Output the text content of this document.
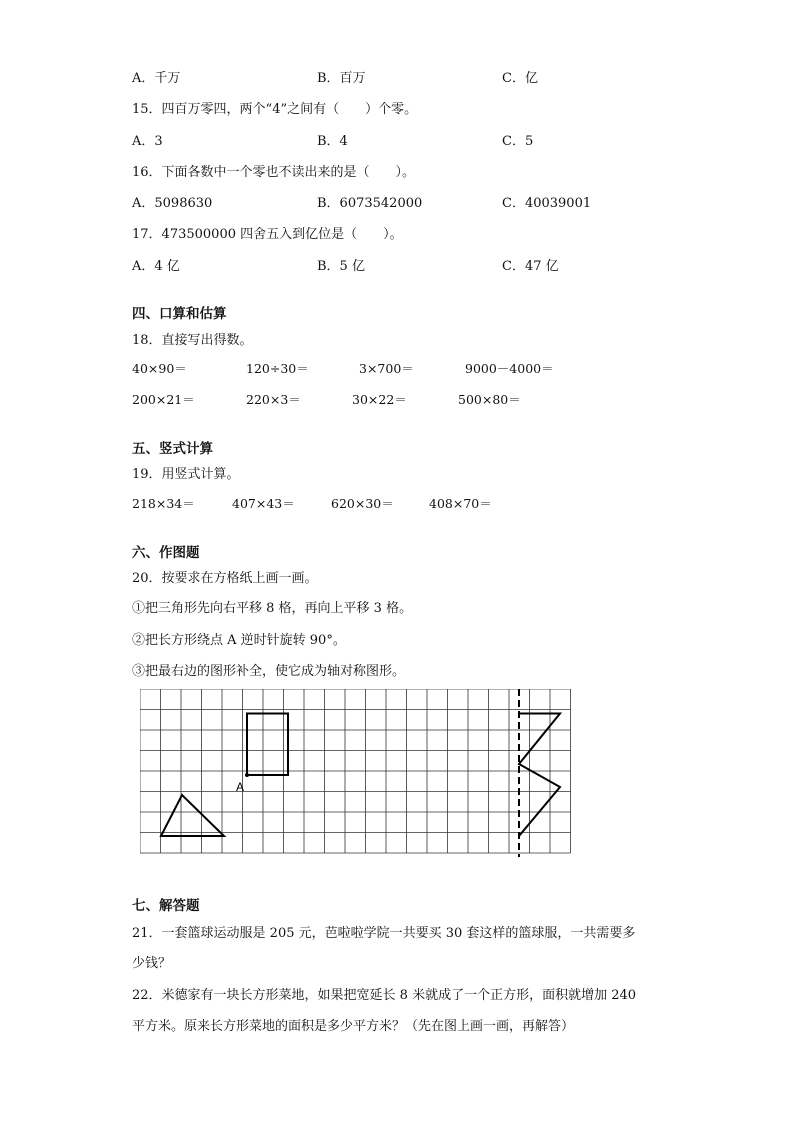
A．千万	B．百万	C．亿
15．四百万零四，两个“4”之间有（　　）个零。
A．3	B．4	C．5
16．下面各数中一个零也不读出来的是（　　）。
A．5098630	B．6073542000	C．40039001
17．473500000 四舍五入到亿位是（　　）。
A．4 亿	B．5 亿	C．47 亿
四、口算和估算
18．直接写出得数。
40×90＝	120÷30＝	3×700＝	9000－4000＝
200×21＝	220×3＝	30×22＝	500×80＝
五、竖式计算
19．用竖式计算。
218×34＝	407×43＝	620×30＝	408×70＝
六、作图题
20．按要求在方格纸上画一画。
①把三角形先向右平移 8 格，再向上平移 3 格。
②把长方形绕点 A 逆时针旋转 90°。
③把最右边的图形补全，使它成为轴对称图形。
A
七、解答题
21．一套篮球运动服是 205 元，芭啦啦学院一共要买 30 套这样的篮球服，一共需要多
少钱？
22．米德家有一块长方形菜地，如果把宽延长 8 米就成了一个正方形，面积就增加 240
平方米。原来长方形菜地的面积是多少平方米？（先在图上画一画，再解答）
